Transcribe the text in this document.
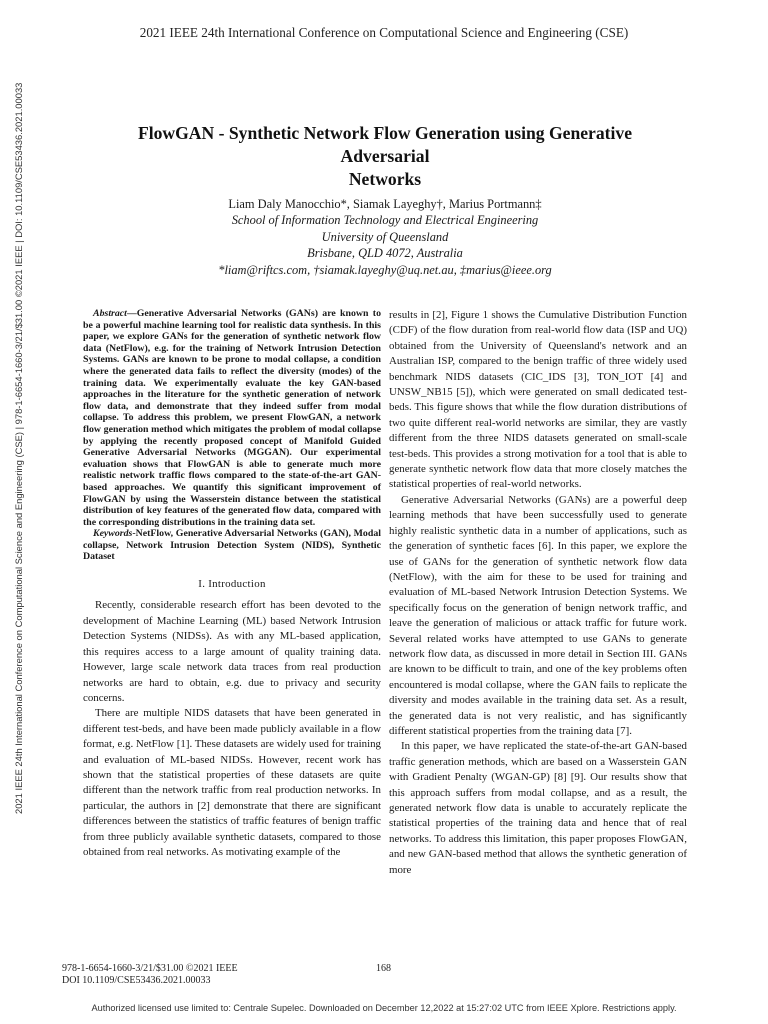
2021 IEEE 24th International Conference on Computational Science and Engineering (CSE)
2021 IEEE 24th International Conference on Computational Science and Engineering (CSE) | 978-1-6654-1660-3/21/$31.00 ©2021 IEEE | DOI: 10.1109/CSE53436.2021.00033	FlowGAN - Synthetic Network Flow Generation using Generative Adversarial
Networks
Liam Daly Manocchio*, Siamak Layeghy†, Marius Portmann‡
School of Information Technology and Electrical Engineering
University of Queensland
Brisbane, QLD 4072, Australia
*liam@riftcs.com, †siamak.layeghy@uq.net.au, ‡marius@ieee.org

Abstract—Generative Adversarial Networks (GANs) are known to be a powerful machine learning tool for realistic data synthesis. In this paper, we explore GANs for the generation of synthetic network flow data (NetFlow), e.g. for the training of Network Intrusion Detection Systems. GANs are known to be prone to modal collapse, a condition where the generated data fails to reflect the diversity (modes) of the training data. We experimentally evaluate the key GAN-based approaches in the literature for the synthetic generation of network flow data, and demonstrate that they indeed suffer from modal collapse. To address this problem, we present FlowGAN, a network flow generation method which mitigates the problem of modal collapse by applying the recently proposed concept of Manifold Guided Generative Adversarial Networks (MGGAN). Our experimental evaluation shows that FlowGAN is able to generate much more realistic network traffic flows compared to the state-of-the-art GAN-based approaches. We quantify this significant improvement of FlowGAN by using the Wasserstein distance between the statistical distribution of key features of the generated flow data, compared with the corresponding distributions in the training data set.

Keywords-NetFlow, Generative Adversarial Networks (GAN), Modal collapse, Network Intrusion Detection System (NIDS), Synthetic Dataset

I. Introduction

Recently, considerable research effort has been devoted to the development of Machine Learning (ML) based Network Intrusion Detection Systems (NIDSs). As with any ML-based application, this requires access to a large amount of quality training data. However, large scale network data traces from real production networks are hard to obtain, e.g. due to privacy and security concerns.

There are multiple NIDS datasets that have been generated in different test-beds, and have been made publicly available in a flow format, e.g. NetFlow [1]. These datasets are widely used for training and evaluation of ML-based NIDSs. However, recent work has shown that the statistical properties of these datasets are quite different than the network traffic from real production networks. In particular, the authors in [2] demonstrate that there are significant differences between the statistics of traffic features of benign traffic from three publicly available synthetic datasets, compared to those obtained from real networks. As motivating example of the

results in [2], Figure 1 shows the Cumulative Distribution Function (CDF) of the flow duration from real-world flow data (ISP and UQ) obtained from the University of Queensland's network and an Australian ISP, compared to the benign traffic of three widely used benchmark NIDS datasets (CIC_IDS [3], TON_IOT [4] and UNSW_NB15 [5]), which were generated on small dedicated test-beds. This figure shows that while the flow duration distributions of two quite different real-world networks are similar, they are vastly different from the three NIDS datasets generated on small-scale test-beds. This provides a strong motivation for a tool that is able to generate synthetic network flow data that more closely matches the statistical properties of real-world networks.

Generative Adversarial Networks (GANs) are a powerful deep learning methods that have been successfully used to generate highly realistic synthetic data in a number of applications, such as the generation of synthetic faces [6]. In this paper, we explore the use of GANs for the generation of synthetic network flow data (NetFlow), with the aim for these to be used for training and evaluation of ML-based Network Intrusion Detection Systems. We specifically focus on the generation of benign network traffic, and leave the generation of malicious or attack traffic for future work. Several related works have attempted to use GANs to generate network flow data, as discussed in more detail in Section III. GANs are known to be difficult to train, and one of the key problems often encountered is modal collapse, where the GAN fails to replicate the diversity and modes available in the training data set. As a result, the generated data is not very realistic, and has significantly different statistical properties from the training data [7].

In this paper, we have replicated the state-of-the-art GAN-based traffic generation methods, which are based on a Wasserstein GAN with Gradient Penalty (WGAN-GP) [8] [9]. Our results show that this approach suffers from modal collapse, and as a result, the generated network flow data is unable to accurately replicate the statistical properties of the training data and hence that of real networks. To address this limitation, this paper proposes FlowGAN, and new GAN-based method that allows the synthetic generation of more

978-1-6654-1660-3/21/$31.00 ©2021 IEEE
DOI 10.1109/CSE53436.2021.00033
168
Authorized licensed use limited to: Centrale Supelec. Downloaded on December 12,2022 at 15:27:02 UTC from IEEE Xplore. Restrictions apply.
